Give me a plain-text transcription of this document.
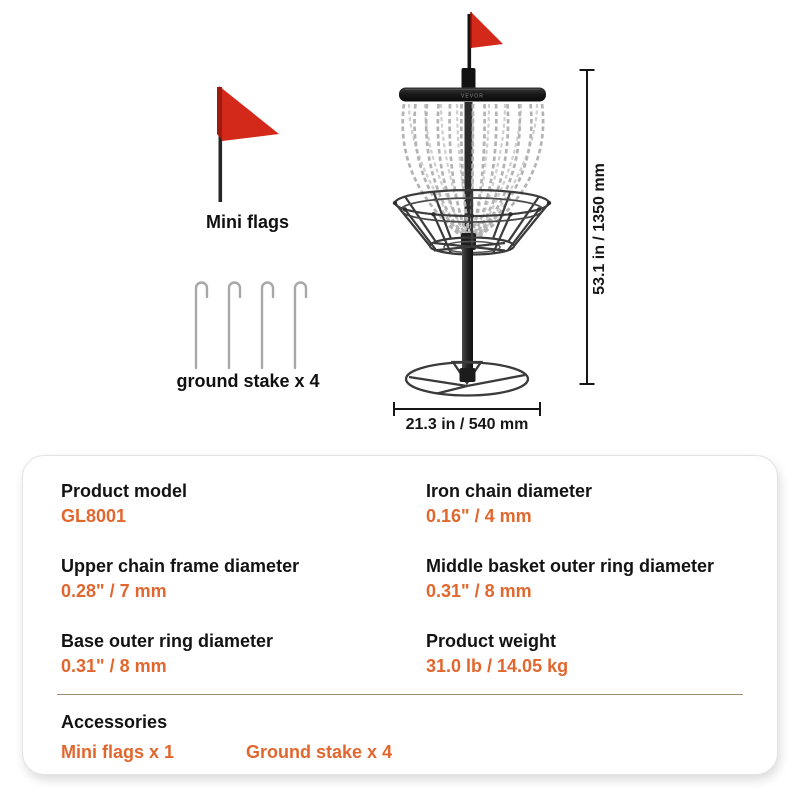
Mini flags
ground stake x 4
VEVOR
53.1 in / 1350 mm
21.3 in / 540 mm
Product model
GL8001
Iron chain diameter
0.16" / 4 mm
Upper chain frame diameter
0.28" / 7 mm
Middle basket outer ring diameter
0.31" / 8 mm
Base outer ring diameter
0.31" / 8 mm
Product weight
31.0 lb / 14.05 kg
Accessories
Mini flags x 1	Ground stake x 4
